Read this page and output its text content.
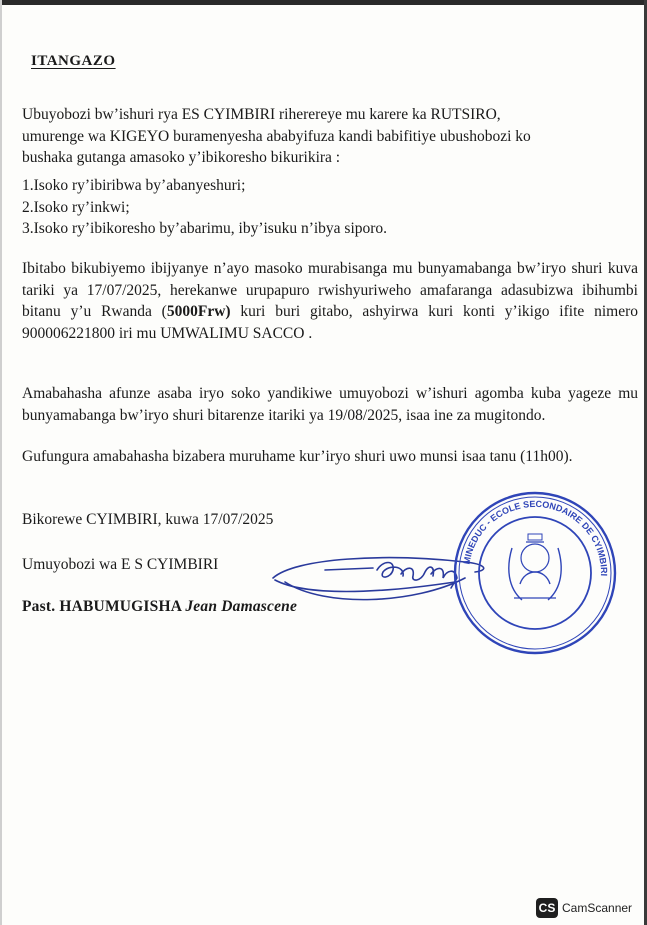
ITANGAZO
Ubuyobozi bw’ishuri rya ES CYIMBIRI riherereye mu karere ka RUTSIRO,
umurenge wa KIGEYO buramenyesha ababyifuza kandi babifitiye ubushobozi ko
bushaka gutanga amasoko y’ibikoresho bikurikira :
1.Isoko ry’ibiribwa by’abanyeshuri;
2.Isoko ry’inkwi;
3.Isoko ry’ibikoresho by’abarimu, iby’isuku n’ibya siporo.
Ibitabo bikubiyemo ibijyanye n’ayo masoko murabisanga mu bunyamabanga bw’iryo shuri kuva tariki ya 17/07/2025, herekanwe urupapuro rwishyuriweho amafaranga adasubizwa ibihumbi bitanu y’u Rwanda (5000Frw) kuri buri gitabo, ashyirwa kuri konti y’ikigo ifite nimero 900006221800 iri mu UMWALIMU SACCO .
Amabahasha afunze asaba iryo soko yandikiwe umuyobozi w’ishuri agomba kuba yageze mu bunyamabanga bw’iryo shuri bitarenze itariki ya 19/08/2025, isaa ine za mugitondo.
Gufungura amabahasha bizabera muruhame kur’iryo shuri uwo munsi isaa tanu (11h00).
Bikorewe CYIMBIRI, kuwa 17/07/2025
Umuyobozi wa E S CYIMBIRI
Past. HABUMUGISHA Jean Damascene
MINEDUC - ECOLE SECONDAIRE DE CYIMBIRI
CS CamScanner
